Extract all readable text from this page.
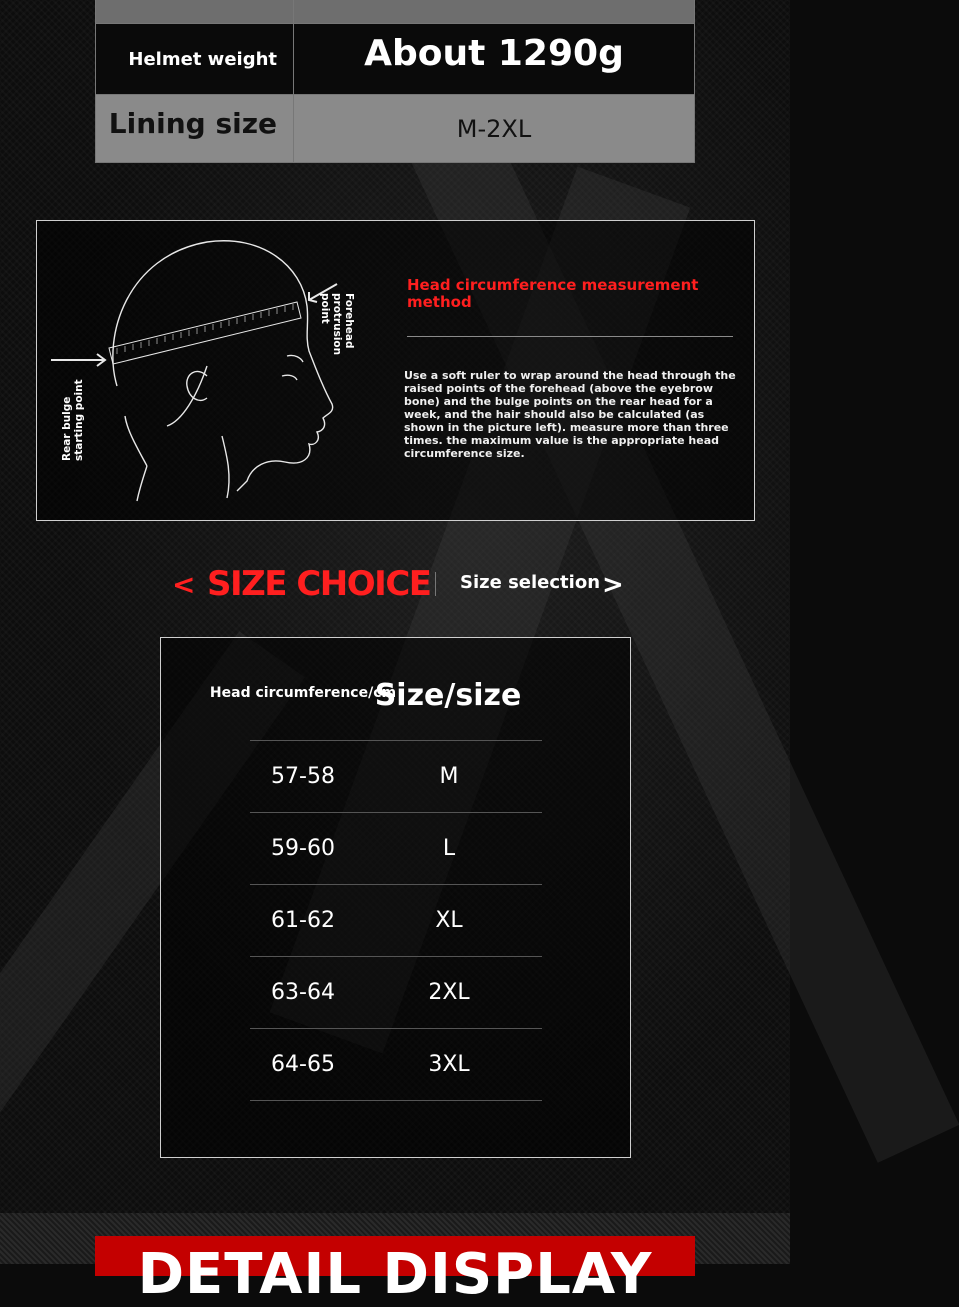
Helmet weight	About 1290g
Lining size	M-2XL
Forehead protrusion point
Rear bulge starting point
Head circumference measurement method
Use a soft ruler to wrap around the head through the raised points of the forehead (above the eyebrow bone) and the bulge points on the rear head for a week, and the hair should also be calculated (as shown in the picture left). measure more than three times. the maximum value is the appropriate head circumference size.
< SIZE CHOICE Size selection >
Head circumference/cm
Size/size
57-58	M
59-60	L
61-62	XL
63-64	2XL
64-65	3XL
DETAIL DISPLAY
